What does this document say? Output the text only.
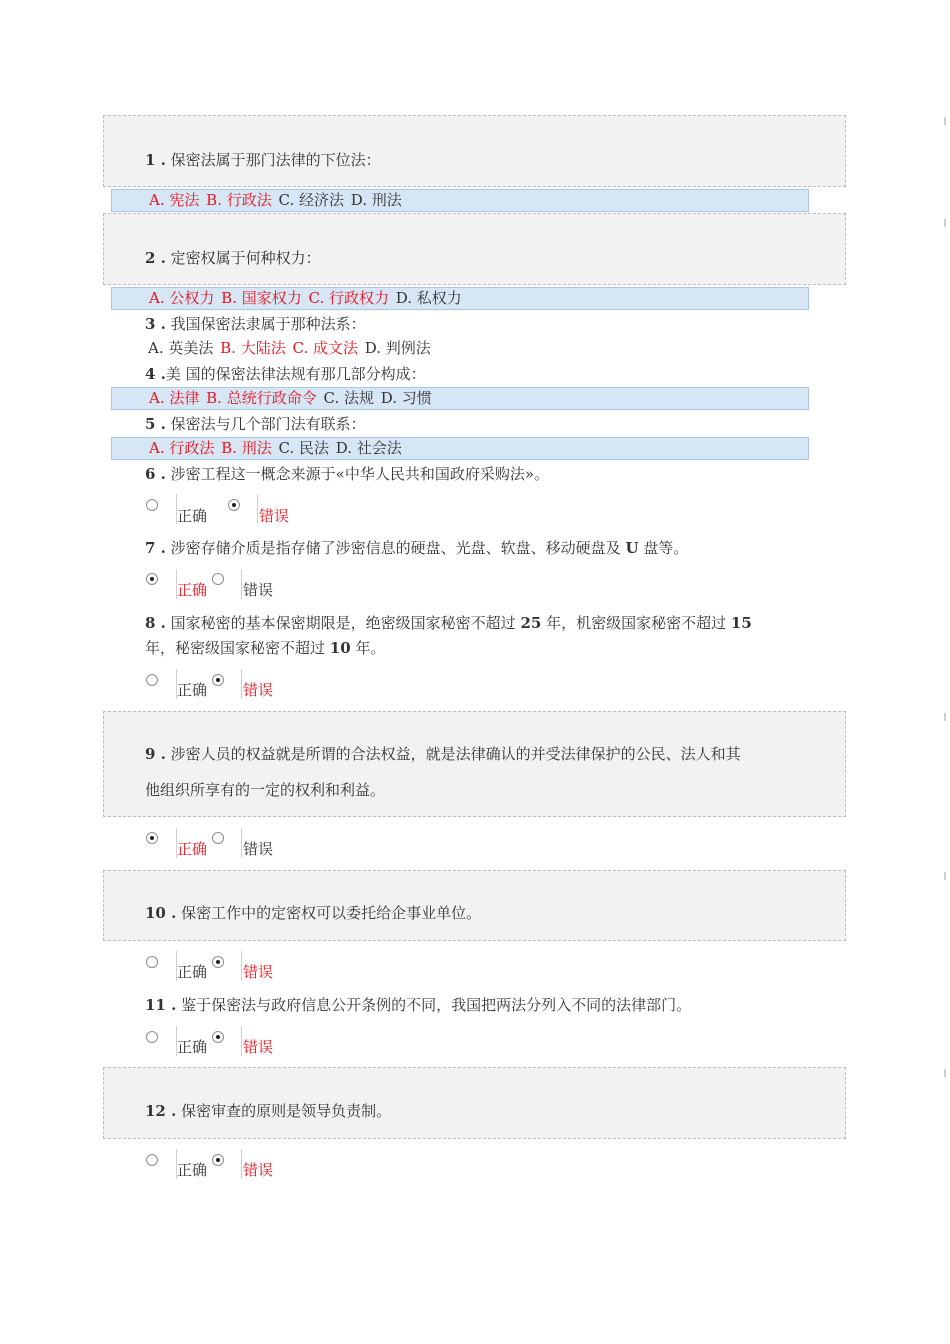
1 . 保密法属于那门法律的下位法：
A. 宪法 B. 行政法 C. 经济法 D. 刑法
2 . 定密权属于何种权力：
A. 公权力 B. 国家权力 C. 行政权力 D. 私权力
3 . 我国保密法隶属于那种法系：
A. 英美法 B. 大陆法 C. 成文法 D. 判例法
4 .美 国的保密法律法规有那几部分构成：
A. 法律 B. 总统行政命令 C. 法规 D. 习惯
5 . 保密法与几个部门法有联系：
A. 行政法 B. 刑法 C. 民法 D. 社会法
6 . 涉密工程这一概念来源于«中华人民共和国政府采购法»。
正确	错误
7 . 涉密存储介质是指存储了涉密信息的硬盘、光盘、软盘、移动硬盘及 U 盘等。
正确 错误
8 . 国家秘密的基本保密期限是，绝密级国家秘密不超过 25 年，机密级国家秘密不超过 15
年，秘密级国家秘密不超过 10 年。
正确 错误
9 . 涉密人员的权益就是所谓的合法权益，就是法律确认的并受法律保护的公民、法人和其
他组织所享有的一定的权利和利益。
正确 错误
10 . 保密工作中的定密权可以委托给企事业单位。
正确 错误
11 . 鉴于保密法与政府信息公开条例的不同，我国把两法分列入不同的法律部门。
正确 错误
12 . 保密审查的原则是领导负责制。
正确 错误
